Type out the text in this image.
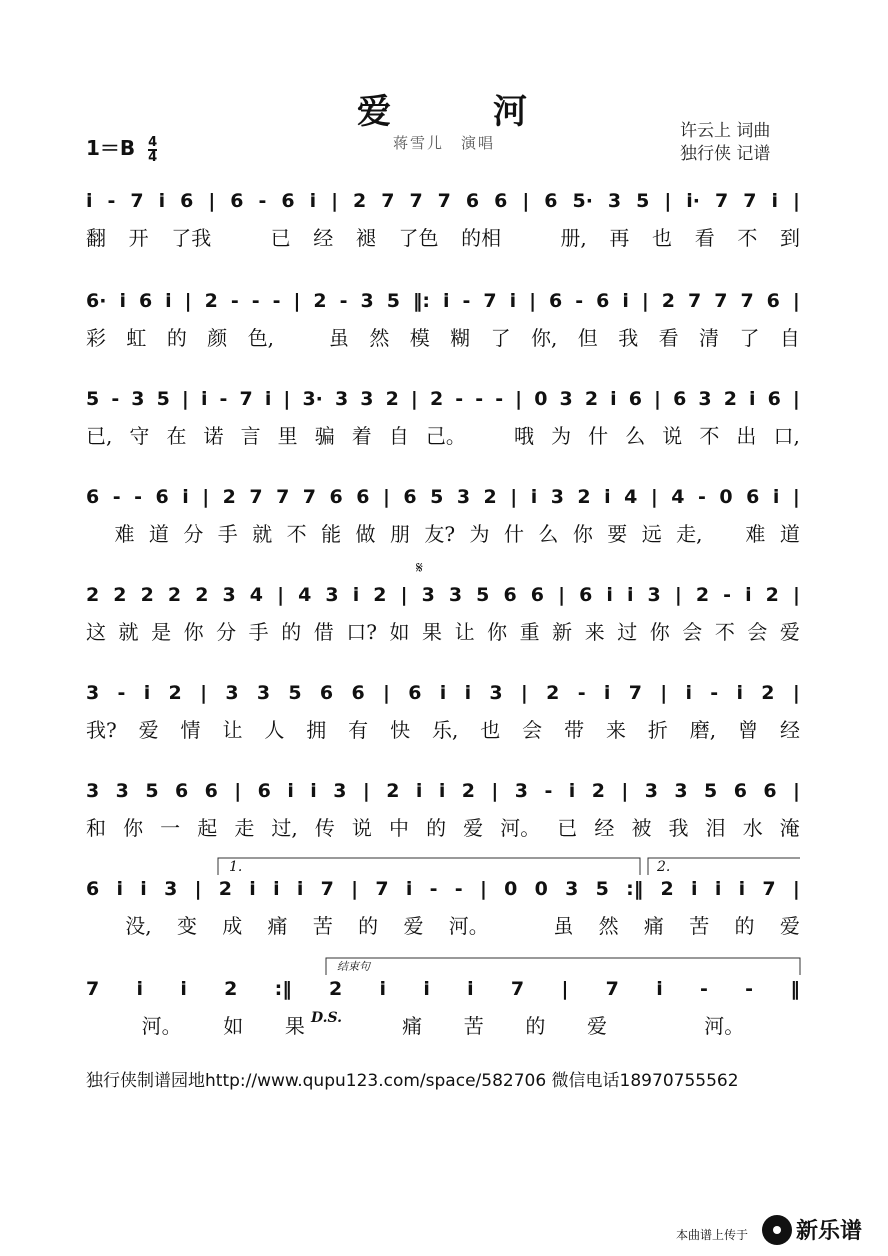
爱　河
蒋雪儿　演唱
$1=B \frac{4}{4}$
许云上 词曲
独行侠 记谱
i - 7 i 6 | 6 - 6 i | 2 7 7 7 6 6 | 6 5· 3 5 | i· 7 7 i |
翻 开 了我	已 经 褪 了色 的相	册, 再 也 看 不 到
6· i 6 i | 2 - - - | 2 - 3 5 ‖: i - 7 i | 6 - 6 i | 2 7 7 7 6 |
彩 虹 的 颜 色,	虽 然 模 糊 了 你, 但 我 看 清 了 自
5 - 3 5 | i - 7 i | 3· 3 3 2 | 2 - - - | 0 3 2 i 6 | 6 3 2 i 6 |
已, 守 在 诺 言 里 骗 着 自 己。 哦 为 什 么 说 不 出 口,
6 - - 6 i | 2 7 7 7 6 6 | 6 5 3 2 | i 3 2 i 4 | 4 - 0 6 i |
难 道 分 手 就 不 能 做 朋 友? 为 什 么 你 要 远 走, 难 道
2 2 2 2 2 3 4 | 4 3 i 2 | 3 3 5 6 6 | 6 i i 3 | 2 - i 2 |
这 就 是 你 分 手 的 借 口? 如 果 让 你 重 新 来 过 你 会 不 会 爱
3 - i 2 | 3 3 5 6 6 | 6 i i 3 | 2 - i 7 | i - i 2 |
我? 爱 情 让 人 拥 有 快 乐, 也 会 带 来 折 磨, 曾 经
3 3 5 6 6 | 6 i i 3 | 2 i i 2 | 3 - i 2 | 3 3 5 6 6 |
和 你 一 起 走 过, 传 说 中 的 爱 河。 已 经 被 我 泪 水 淹
6 i i 3 | 2 i i i 7 | 7 i - - | 0 0 3 5 :‖ 2 i i i 7 |
没, 变 成 痛 苦 的 爱 河。	虽 然 痛 苦 的 爱
7 i i 2 :‖ 2 i i i 7 | 7 i - - ‖
河。 如 果	痛 苦 的 爱	河。
1.	2.
结束句
D.S.
𝄋
独行侠制谱园地http://www.qupu123.com/space/582706 微信电话18970755562
本曲谱上传于 新乐谱
